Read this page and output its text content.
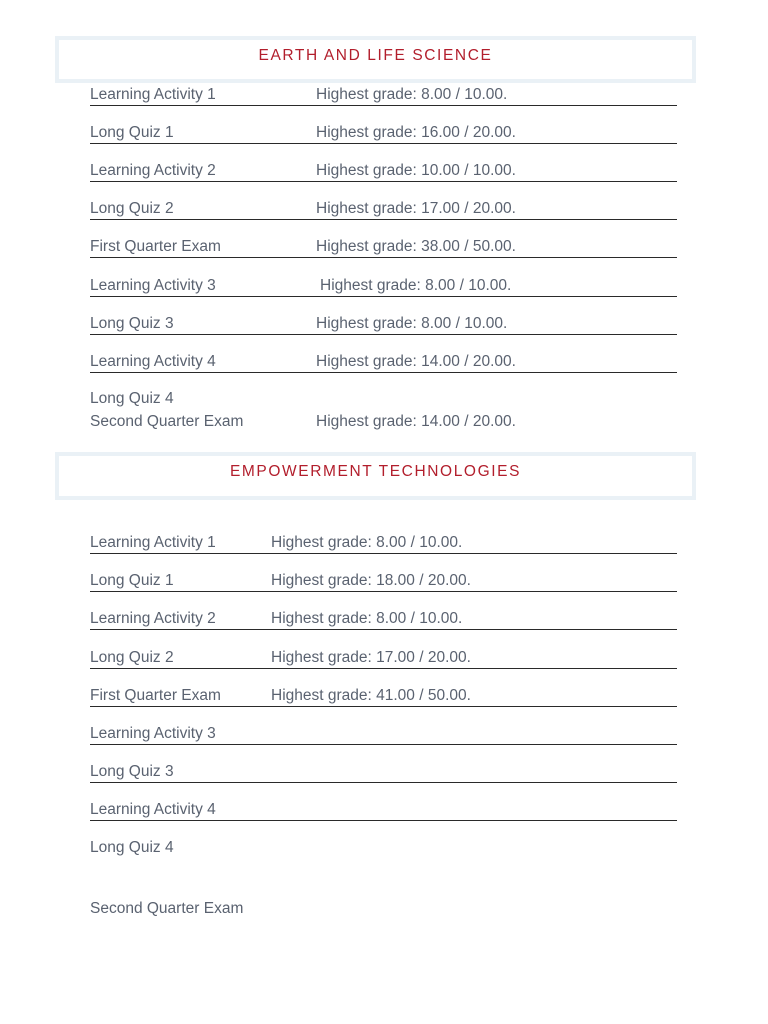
EARTH AND LIFE SCIENCE
Learning Activity 1	Highest grade: 8.00 / 10.00.
Long Quiz 1	Highest grade: 16.00 / 20.00.
Learning Activity 2	Highest grade: 10.00 / 10.00.
Long Quiz 2	Highest grade: 17.00 / 20.00.
First Quarter Exam	Highest grade: 38.00 / 50.00.
Learning Activity 3	Highest grade: 8.00 / 10.00.
Long Quiz 3	Highest grade: 8.00 / 10.00.
Learning Activity 4	Highest grade: 14.00 / 20.00.
Long Quiz 4
Second Quarter Exam	Highest grade: 14.00 / 20.00.
EMPOWERMENT TECHNOLOGIES
Learning Activity 1	Highest grade: 8.00 / 10.00.
Long Quiz 1	Highest grade: 18.00 / 20.00.
Learning Activity 2	Highest grade: 8.00 / 10.00.
Long Quiz 2	Highest grade: 17.00 / 20.00.
First Quarter Exam	Highest grade: 41.00 / 50.00.
Learning Activity 3
Long Quiz 3
Learning Activity 4
Long Quiz 4
Second Quarter Exam
